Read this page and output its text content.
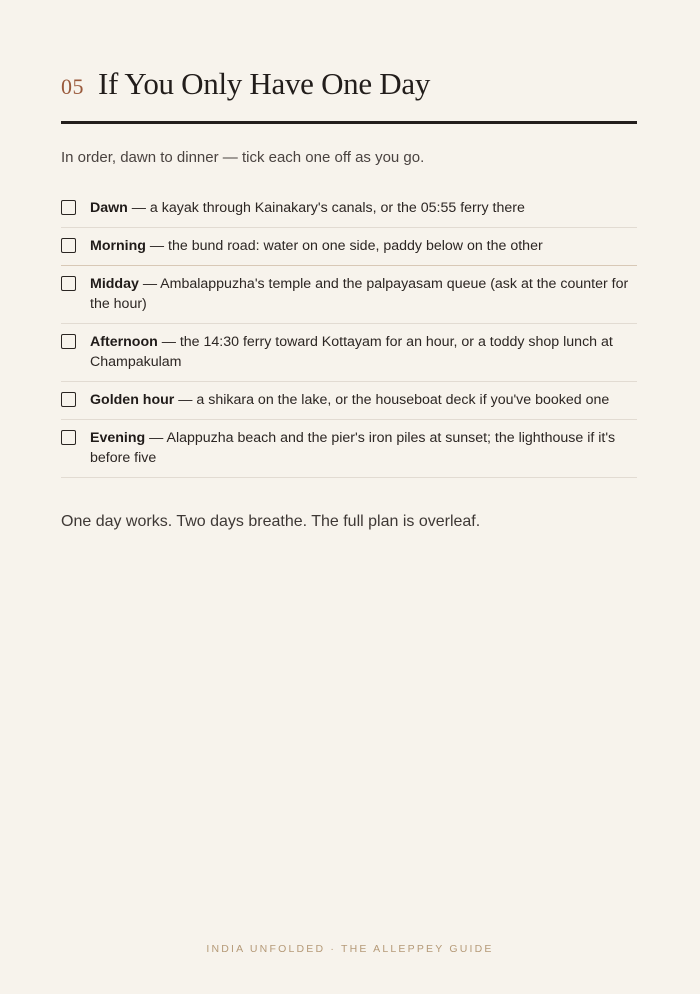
05 If You Only Have One Day
In order, dawn to dinner — tick each one off as you go.
Dawn — a kayak through Kainakary's canals, or the 05:55 ferry there
Morning — the bund road: water on one side, paddy below on the other
Midday — Ambalappuzha's temple and the palpayasam queue (ask at the counter for the hour)
Afternoon — the 14:30 ferry toward Kottayam for an hour, or a toddy shop lunch at Champakulam
Golden hour — a shikara on the lake, or the houseboat deck if you've booked one
Evening — Alappuzha beach and the pier's iron piles at sunset; the lighthouse if it's before five
One day works. Two days breathe. The full plan is overleaf.
INDIA UNFOLDED · THE ALLEPPEY GUIDE
